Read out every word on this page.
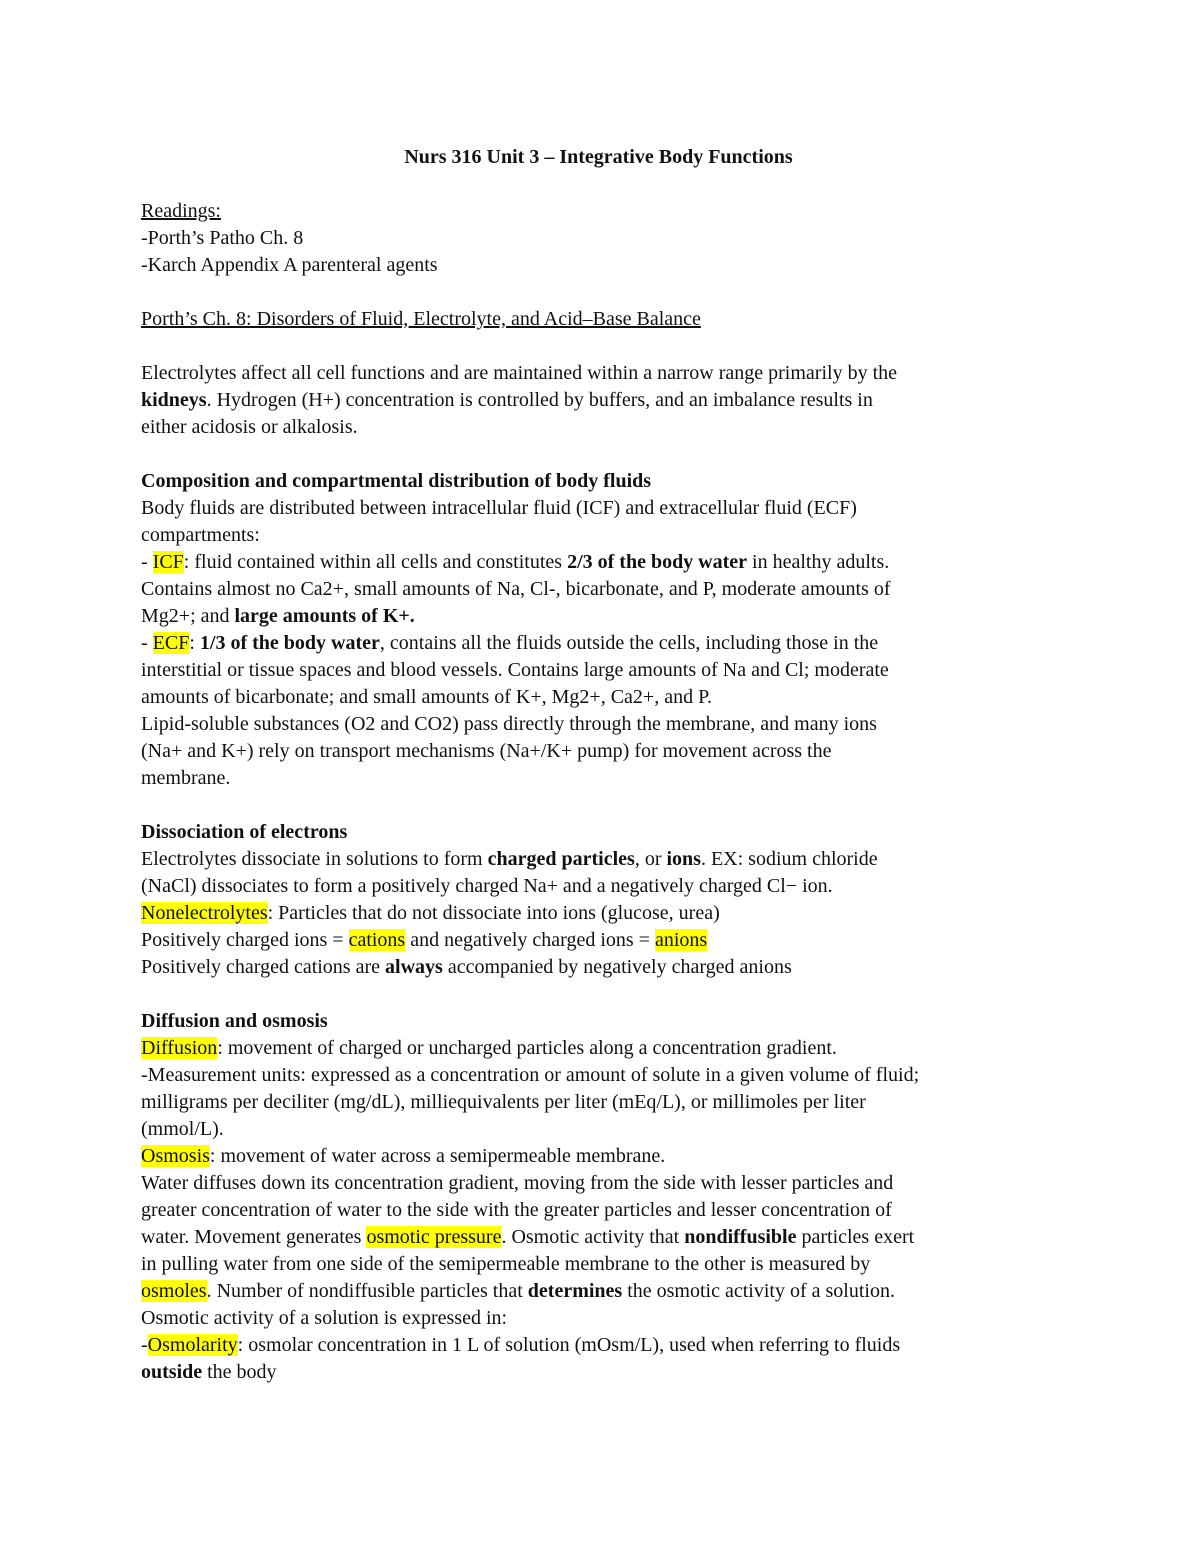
Nurs 316 Unit 3 – Integrative Body Functions

Readings:

-Porth’s Patho Ch. 8

-Karch Appendix A parenteral agents

Porth’s Ch. 8: Disorders of Fluid, Electrolyte, and Acid–Base Balance

Electrolytes affect all cell functions and are maintained within a narrow range primarily by the

kidneys. Hydrogen (H+) concentration is controlled by buffers, and an imbalance results in

either acidosis or alkalosis.

Composition and compartmental distribution of body fluids

Body fluids are distributed between intracellular fluid (ICF) and extracellular fluid (ECF)

compartments:

- ICF: fluid contained within all cells and constitutes 2/3 of the body water in healthy adults.

Contains almost no Ca2+, small amounts of Na, Cl-, bicarbonate, and P, moderate amounts of

Mg2+; and large amounts of K+.

- ECF: 1/3 of the body water, contains all the fluids outside the cells, including those in the

interstitial or tissue spaces and blood vessels. Contains large amounts of Na and Cl; moderate

amounts of bicarbonate; and small amounts of K+, Mg2+, Ca2+, and P.

Lipid-soluble substances (O2 and CO2) pass directly through the membrane, and many ions

(Na+ and K+) rely on transport mechanisms (Na+/K+ pump) for movement across the

membrane.

Dissociation of electrons

Electrolytes dissociate in solutions to form charged particles, or ions. EX: sodium chloride

(NaCl) dissociates to form a positively charged Na+ and a negatively charged Cl− ion.

Nonelectrolytes: Particles that do not dissociate into ions (glucose, urea)

Positively charged ions = cations and negatively charged ions = anions

Positively charged cations are always accompanied by negatively charged anions

Diffusion and osmosis

Diffusion: movement of charged or uncharged particles along a concentration gradient.

-Measurement units: expressed as a concentration or amount of solute in a given volume of fluid;

milligrams per deciliter (mg/dL), milliequivalents per liter (mEq/L), or millimoles per liter

(mmol/L).

Osmosis: movement of water across a semipermeable membrane.

Water diffuses down its concentration gradient, moving from the side with lesser particles and

greater concentration of water to the side with the greater particles and lesser concentration of

water. Movement generates osmotic pressure. Osmotic activity that nondiffusible particles exert

in pulling water from one side of the semipermeable membrane to the other is measured by

osmoles. Number of nondiffusible particles that determines the osmotic activity of a solution.

Osmotic activity of a solution is expressed in:

-Osmolarity: osmolar concentration in 1 L of solution (mOsm/L), used when referring to fluids

outside the body
